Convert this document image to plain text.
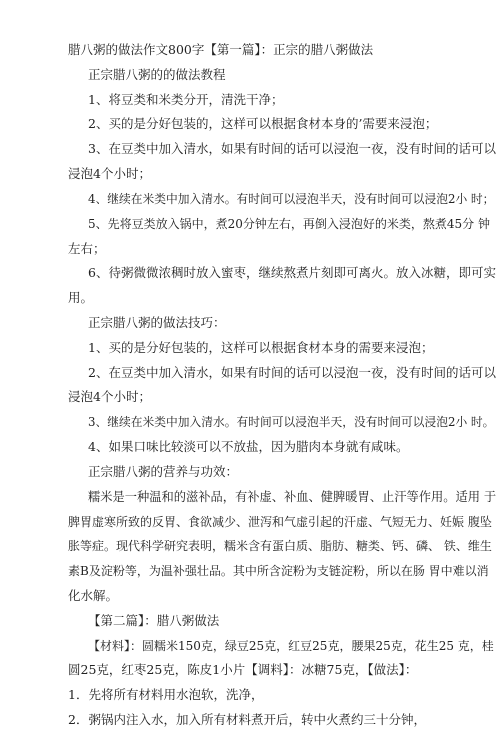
腊八粥的做法作文800字【第一篇】：正宗的腊八粥做法

正宗腊八粥的的做法教程

1、将豆类和米类分开，清洗干净；

2、买的是分好包装的，这样可以根据食材本身的’需要来浸泡；

3、在豆类中加入清水，如果有时间的话可以浸泡一夜，没有时间的话可以

浸泡4个小时；

4、继续在米类中加入清水。有时间可以浸泡半天，没有时间可以浸泡2小 时；

5、先将豆类放入锅中，煮20分钟左右，再倒入浸泡好的米类，熬煮45分 钟

左右；

6、待粥微微浓稠时放入蜜枣，继续熬煮片刻即可离火。放入冰糖，即可实

用。

正宗腊八粥的做法技巧：

1、买的是分好包装的，这样可以根据食材本身的需要来浸泡；

2、在豆类中加入清水，如果有时间的话可以浸泡一夜，没有时间的话可以

浸泡4个小时；

3、继续在米类中加入清水。有时间可以浸泡半天，没有时间可以浸泡2小 时。

4、如果口味比较淡可以不放盐，因为腊肉本身就有咸味。

正宗腊八粥的营养与功效：

糯米是一种温和的滋补品，有补虚、补血、健脾暖胃、止汗等作用。适用 于

脾胃虚寒所致的反胃、食欲减少、泄泻和气虚引起的汗虚、气短无力、妊娠 腹坠

胀等症。现代科学研究表明，糯米含有蛋白质、脂肪、糖类、钙、磷、 铁、维生

素B及淀粉等，为温补强壮品。其中所含淀粉为支链淀粉，所以在肠 胃中难以消

化水解。

【第二篇】：腊八粥做法

【材料】：圆糯米150克，绿豆25克，红豆25克，腰果25克，花生25 克，桂

圆25克，红枣25克，陈皮1小片【调料】：冰糖75克，【做法】：

1．先将所有材料用水泡软，洗净，

2．粥锅内注入水，加入所有材料煮开后，转中火煮约三十分钟，
